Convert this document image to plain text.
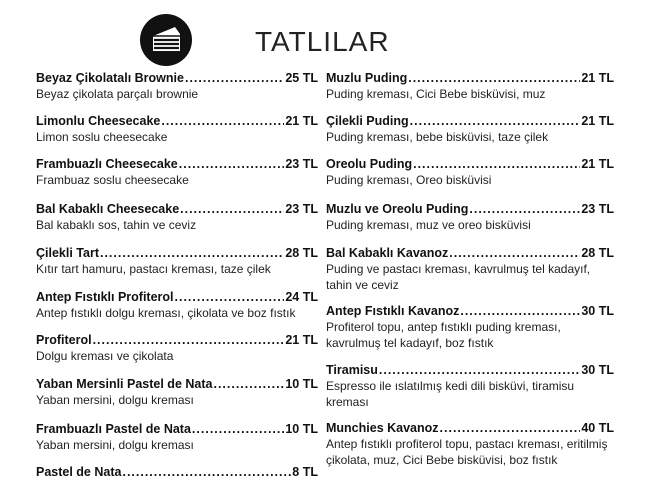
TATLILAR
Beyaz Çikolatalı Brownie .....	25 TL
Beyaz çikolata parçalı brownie
Limonlu Cheesecake .....	21 TL
Limon soslu cheesecake
Frambuazlı Cheesecake .....	23 TL
Frambuaz soslu cheesecake
Bal Kabaklı Cheesecake .....	23 TL
Bal kabaklı sos, tahin ve ceviz
Çilekli Tart .....	28 TL
Kıtır tart hamuru, pastacı kreması, taze çilek
Antep Fıstıklı Profiterol .....	24 TL
Antep fıstıklı dolgu kreması, çikolata ve boz fıstık
Profiterol .....	21 TL
Dolgu kreması ve çikolata
Yaban Mersinli Pastel de Nata .....	10 TL
Yaban mersini, dolgu kreması
Frambuazlı Pastel de Nata .....	10 TL
Yaban mersini, dolgu kreması
Pastel de Nata .....	8 TL
Muzlu Puding .....	21 TL
Puding kreması, Cici Bebe bisküvisi, muz
Çilekli Puding .....	21 TL
Puding kreması, bebe bisküvisi, taze çilek
Oreolu Puding .....	21 TL
Puding kreması, Oreo bisküvisi
Muzlu ve Oreolu Puding .....	23 TL
Puding kreması, muz ve oreo bisküvisi
Bal Kabaklı Kavanoz .....	28 TL
Puding ve pastacı kreması, kavrulmuş tel kadayıf, tahin ve ceviz
Antep Fıstıklı Kavanoz .....	30 TL
Profiterol topu, antep fıstıklı puding kreması, kavrulmuş tel kadayıf, boz fıstık
Tiramisu .....	30 TL
Espresso ile ıslatılmış kedi dili bisküvi, tiramisu kreması
Munchies Kavanoz .....	40 TL
Antep fıstıklı profiterol topu, pastacı kreması, eritilmiş çikolata, muz, Cici Bebe bisküvisi, boz fıstık
